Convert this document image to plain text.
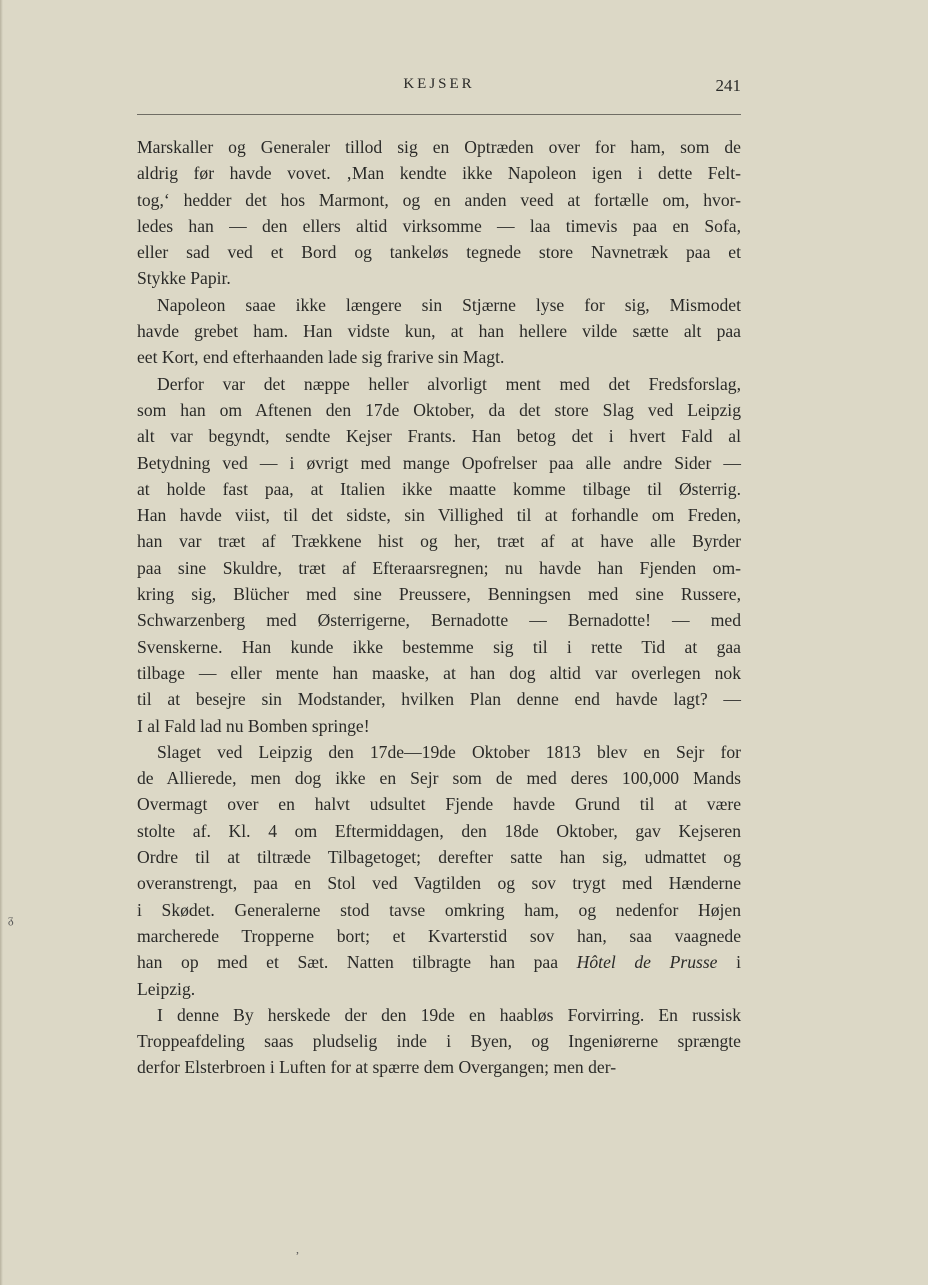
KEJSER	241

Marskaller og Generaler tillod sig en Optræden over for ham, som de
aldrig før havde vovet. ‚Man kendte ikke Napoleon igen i dette Felt-
tog,‘ hedder det hos Marmont, og en anden veed at fortælle om, hvor-
ledes han — den ellers altid virksomme — laa timevis paa en Sofa,
eller sad ved et Bord og tankeløs tegnede store Navnetræk paa et
Stykke Papir.

Napoleon saae ikke længere sin Stjærne lyse for sig, Mismodet
havde grebet ham. Han vidste kun, at han hellere vilde sætte alt paa
eet Kort, end efterhaanden lade sig frarive sin Magt.

Derfor var det næppe heller alvorligt ment med det Fredsforslag,
som han om Aftenen den 17de Oktober, da det store Slag ved Leipzig
alt var begyndt, sendte Kejser Frants. Han betog det i hvert Fald al
Betydning ved — i øvrigt med mange Opofrelser paa alle andre Sider —
at holde fast paa, at Italien ikke maatte komme tilbage til Østerrig.
Han havde viist, til det sidste, sin Villighed til at forhandle om Freden,
han var træt af Trækkene hist og her, træt af at have alle Byrder
paa sine Skuldre, træt af Efteraarsregnen; nu havde han Fjenden om-
kring sig, Blücher med sine Preussere, Benningsen med sine Russere,
Schwarzenberg med Østerrigerne, Bernadotte — Bernadotte! — med
Svenskerne. Han kunde ikke bestemme sig til i rette Tid at gaa
tilbage — eller mente han maaske, at han dog altid var overlegen nok
til at besejre sin Modstander, hvilken Plan denne end havde lagt? —
I al Fald lad nu Bomben springe!

Slaget ved Leipzig den 17de—19de Oktober 1813 blev en Sejr for
de Allierede, men dog ikke en Sejr som de med deres 100,000 Mands
Overmagt over en halvt udsultet Fjende havde Grund til at være
stolte af. Kl. 4 om Eftermiddagen, den 18de Oktober, gav Kejseren
Ordre til at tiltræde Tilbagetoget; derefter satte han sig, udmattet og
overanstrengt, paa en Stol ved Vagtilden og sov trygt med Hænderne
i Skødet. Generalerne stod tavse omkring ham, og nedenfor Højen
marcherede Tropperne bort; et Kvarterstid sov han, saa vaagnede
han op med et Sæt. Natten tilbragte han paa Hôtel de Prusse i
Leipzig.

I denne By herskede der den 19de en haabløs Forvirring. En russisk
Troppeafdeling saas pludselig inde i Byen, og Ingeniørerne sprængte
derfor Elsterbroen i Luften for at spærre dem Overgangen; men der-

ᵹ
,
